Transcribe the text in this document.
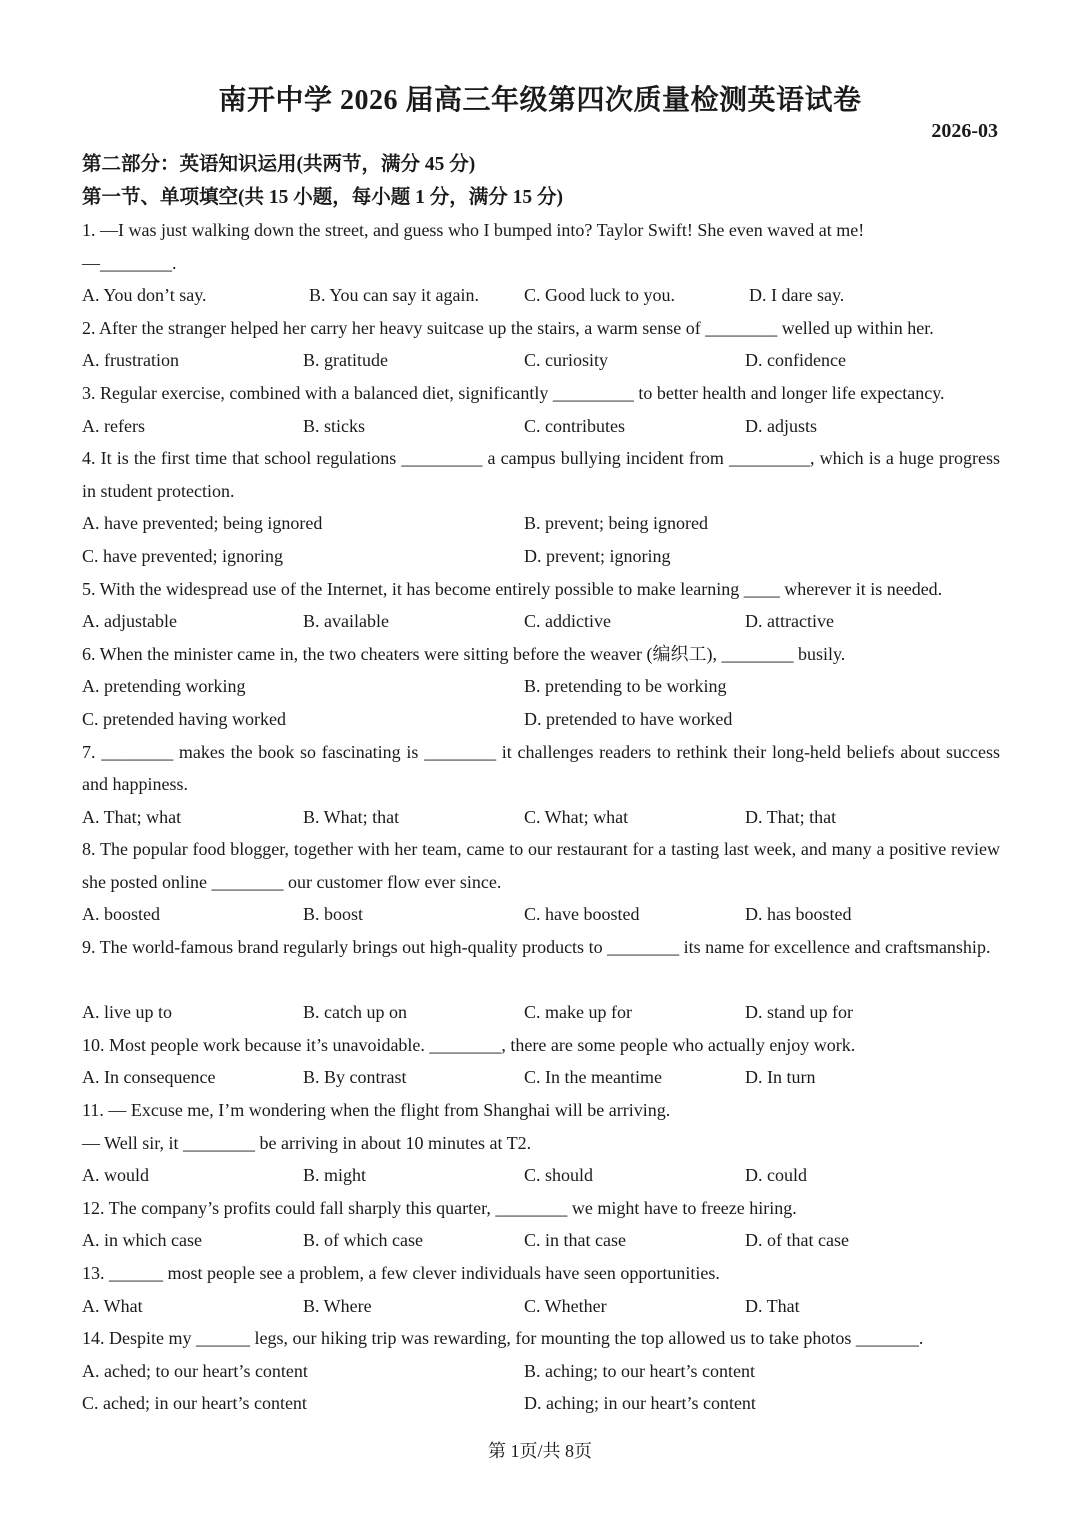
南开中学 2026 届高三年级第四次质量检测英语试卷
2026-03
第二部分：英语知识运用(共两节，满分 45 分)
第一节、单项填空(共 15 小题，每小题 1 分，满分 15 分)
1. —I was just walking down the street, and guess who I bumped into? Taylor Swift! She even waved at me!
—________.
A. You don’t say.	B. You can say it again.	C. Good luck to you.	D. I dare say.
2. After the stranger helped her carry her heavy suitcase up the stairs, a warm sense of ________ welled up within her.
A. frustration	B. gratitude	C. curiosity	D. confidence
3. Regular exercise, combined with a balanced diet, significantly _________ to better health and longer life expectancy.
A. refers	B. sticks	C. contributes	D. adjusts
4. It is the first time that school regulations _________ a campus bullying incident from _________, which is a huge progress in student protection.
A. have prevented; being ignored	B. prevent; being ignored
C. have prevented; ignoring	D. prevent; ignoring
5. With the widespread use of the Internet, it has become entirely possible to make learning ____ wherever it is needed.
A. adjustable	B. available	C. addictive	D. attractive
6. When the minister came in, the two cheaters were sitting before the weaver (编织工), ________ busily.
A. pretending working	B. pretending to be working
C. pretended having worked	D. pretended to have worked
7. ________ makes the book so fascinating is ________ it challenges readers to rethink their long-held beliefs about success and happiness.
A. That; what	B. What; that	C. What; what	D. That; that
8. The popular food blogger, together with her team, came to our restaurant for a tasting last week, and many a positive review she posted online ________ our customer flow ever since.
A. boosted	B. boost	C. have boosted	D. has boosted
9. The world-famous brand regularly brings out high-quality products to ________ its name for excellence and craftsmanship.
A. live up to	B. catch up on	C. make up for	D. stand up for
10. Most people work because it’s unavoidable. ________, there are some people who actually enjoy work.
A. In consequence	B. By contrast	C. In the meantime	D. In turn
11. — Excuse me, I’m wondering when the flight from Shanghai will be arriving.
— Well sir, it ________ be arriving in about 10 minutes at T2.
A. would	B. might	C. should	D. could
12. The company’s profits could fall sharply this quarter, ________ we might have to freeze hiring.
A. in which case	B. of which case	C. in that case	D. of that case
13. ______ most people see a problem, a few clever individuals have seen opportunities.
A. What	B. Where	C. Whether	D. That
14. Despite my ______ legs, our hiking trip was rewarding, for mounting the top allowed us to take photos _______.
A. ached; to our heart’s content	B. aching; to our heart’s content
C. ached; in our heart’s content	D. aching; in our heart’s content
第 1页/共 8页
